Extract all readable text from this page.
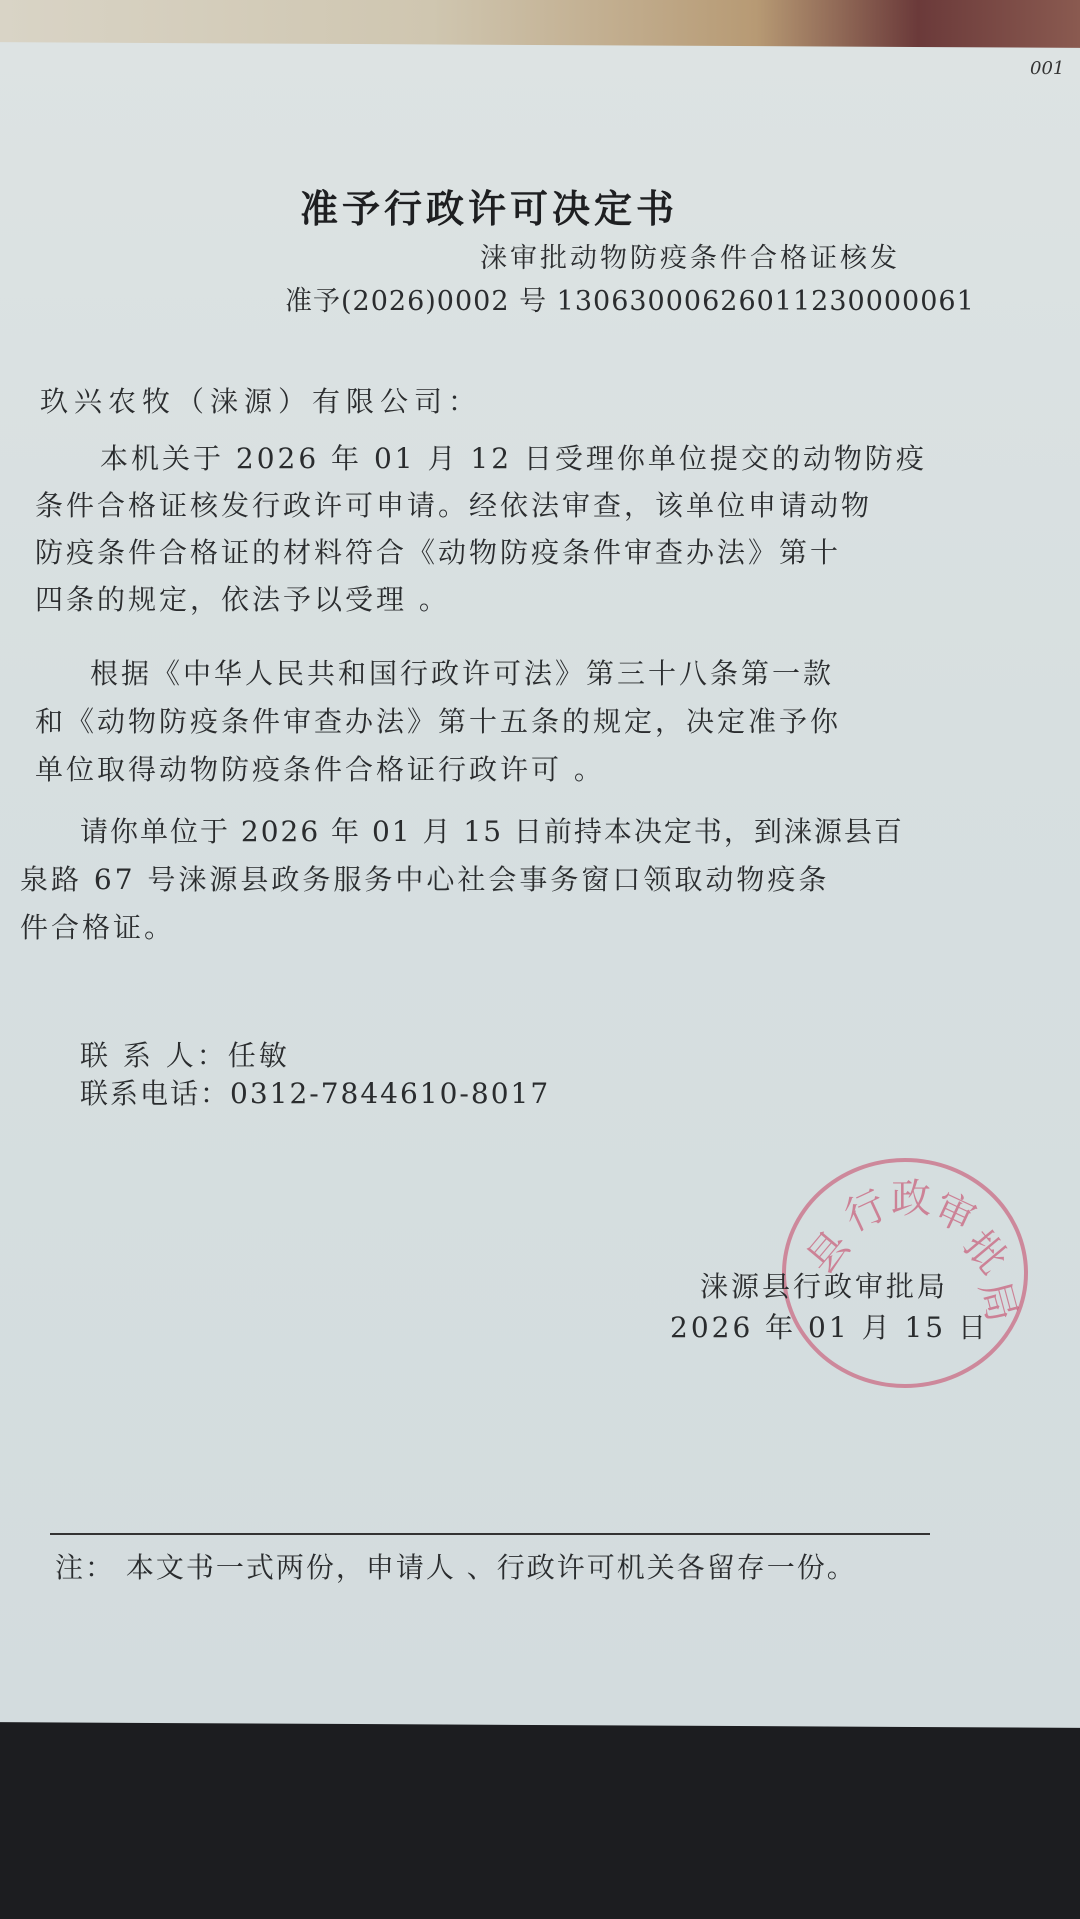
001
准予行政许可决定书
涞审批动物防疫条件合格证核发
准予(2026)0002 号 13063000626011230000061
玖兴农牧（涞源）有限公司：
本机关于 2026 年 01 月 12 日受理你单位提交的动物防疫
条件合格证核发行政许可申请。经依法审查，该单位申请动物
防疫条件合格证的材料符合《动物防疫条件审查办法》第十
四条的规定，依法予以受理 。
根据《中华人民共和国行政许可法》第三十八条第一款
和《动物防疫条件审查办法》第十五条的规定，决定准予你
单位取得动物防疫条件合格证行政许可 。
请你单位于 2026 年 01 月 15 日前持本决定书，到涞源县百
泉路 67 号涞源县政务服务中心社会事务窗口领取动物疫条
件合格证。
联 系 人：任敏
联系电话：0312-7844610-8017
县
行
政
审
批
局
涞源县行政审批局
2026 年 01 月 15 日
注： 本文书一式两份，申请人 、行政许可机关各留存一份。
